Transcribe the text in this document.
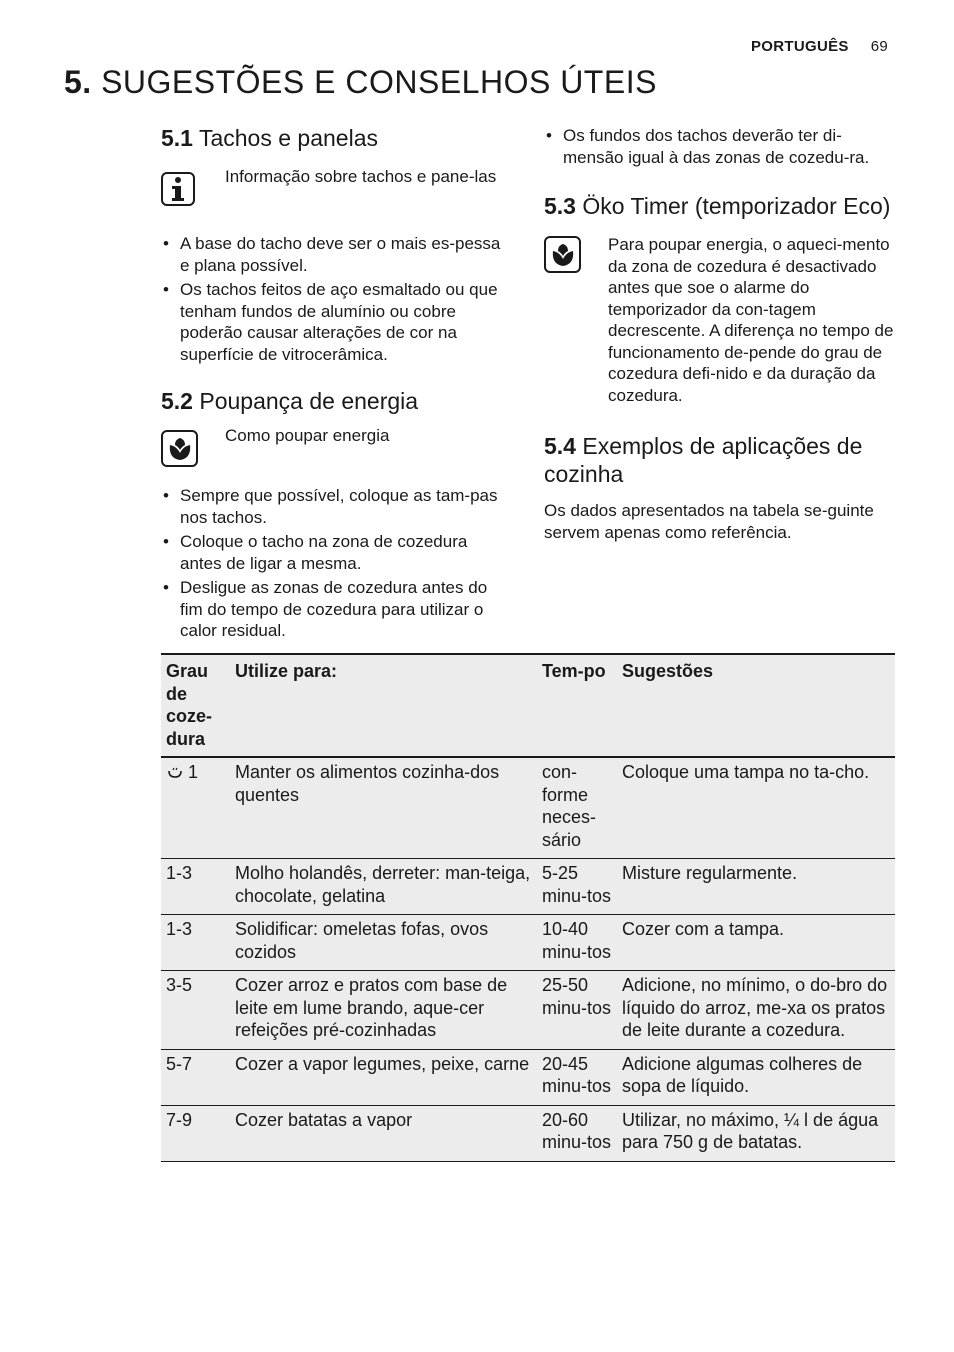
PORTUGUÊS 69
5. SUGESTÕES E CONSELHOS ÚTEIS
5.1 Tachos e panelas
Informação sobre tachos e pane-las
• A base do tacho deve ser o mais es-pessa e plana possível.
• Os tachos feitos de aço esmaltado ou que tenham fundos de alumínio ou cobre poderão causar alterações de cor na superfície de vitrocerâmica.
5.2 Poupança de energia
Como poupar energia
• Sempre que possível, coloque as tam-pas nos tachos.
• Coloque o tacho na zona de cozedura antes de ligar a mesma.
• Desligue as zonas de cozedura antes do fim do tempo de cozedura para utilizar o calor residual.
• Os fundos dos tachos deverão ter di-mensão igual à das zonas de cozedu-ra.
5.3 Öko Timer (temporizador Eco)
Para poupar energia, o aqueci-mento da zona de cozedura é desactivado antes que soe o alarme do temporizador da con-tagem decrescente. A diferença no tempo de funcionamento de-pende do grau de cozedura defi-nido e da duração da cozedura.
5.4 Exemplos de aplicações de cozinha

Os dados apresentados na tabela se-guinte servem apenas como referência.

Grau de coze-dura	Utilize para:	Tem-po	Sugestões
1	Manter os alimentos cozinha-dos quentes	con-forme neces-sário	Coloque uma tampa no ta-cho.
1-3	Molho holandês, derreter: man-teiga, chocolate, gelatina	5-25 minu-tos	Misture regularmente.
1-3	Solidificar: omeletas fofas, ovos cozidos	10-40 minu-tos	Cozer com a tampa.
3-5	Cozer arroz e pratos com base de leite em lume brando, aque-cer refeições pré-cozinhadas	25-50 minu-tos	Adicione, no mínimo, o do-bro do líquido do arroz, me-xa os pratos de leite durante a cozedura.
5-7	Cozer a vapor legumes, peixe, carne	20-45 minu-tos	Adicione algumas colheres de sopa de líquido.
7-9	Cozer batatas a vapor	20-60 minu-tos	Utilizar, no máximo, ¼ l de água para 750 g de batatas.
